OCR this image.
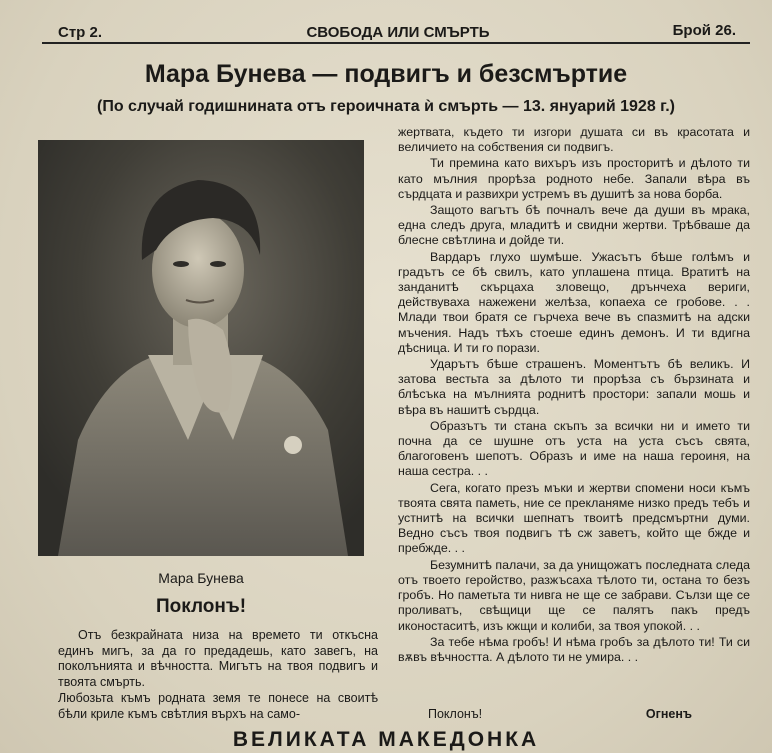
Стр 2.	СВОБОДА ИЛИ СМЪРТЬ	Брой 26.
Мара Бунева — подвигъ и безсмъртие
(По случай годишнината отъ героичната ѝ смърть — 13. януарий 1928 г.)
Мара Бунева
Поклонъ!

Отъ безкрайната низа на времето ти откъсна единъ мигъ, за да го предадешь, като завегъ, на поколънията и вѣчността. Мигътъ на твоя подвигъ и твоята смърть.

Любозьта къмъ родната земя те понесе на своитѣ бѣли криле къмъ свѣтлия върхъ на само-

жертвата, където ти изгори душата си въ красотата и величието на собствения си подвигъ.

Ти премина като вихъръ изъ просторитѣ и дѣлото ти като мълния прорѣза родното небе. Запали вѣра въ сърдцата и развихри устремъ въ душитѣ за нова борба.

Защото вагътъ бѣ почналъ вече да души въ мрака, една следъ друга, младитѣ и свидни жертви. Трѣбваше да блесне свѣтлина и дойде ти.

Вардаръ глухо шумѣше. Ужасътъ бѣше голѣмъ и градътъ се бѣ свилъ, като уплашена птица. Вратитѣ на занданитѣ скърцаха зловещо, дрънчеха вериги, действуваха нажежени желѣза, копаеха се гробове. . . Млади твои братя се гърчеха вече въ спазмитѣ на адски мъчения. Надъ тѣхъ стоеше единъ демонъ. И ти вдигна дѣсница. И ти го порази.

Ударътъ бѣше страшенъ. Моментътъ бѣ великъ. И затова вестьта за дѣлото ти прорѣза съ бързината и блѣсъка на мълнията роднитѣ простори: запали мошь и вѣра въ нашитѣ сърдца.

Образътъ ти стана скъпъ за всички ни и името ти почна да се шушне отъ уста на уста съсъ свята, благоговенъ шепотъ. Образъ и име на наша героиня, на наша сестра. . .

Сега, когато презъ мъки и жертви спомени носи къмъ твоята свята паметь, ние се прекланяме низко предъ тебъ и устнитѣ на всички шепнатъ твоитѣ предсмъртни думи. Ведно съсъ твоя подвигъ тѣ сж заветъ, който ще бжде и пребжде. . .

Безумнитѣ палачи, за да унищожатъ последната следа отъ твоето геройство, разжъсаха тѣлото ти, остана то безъ гробъ. Но паметьта ти нивга не ще се забрави. Сълзи ще се проливатъ, свѣщици ще се палятъ пакъ предъ иконостаситѣ, изъ кжщи и колиби, за твоя упокой. . .

За тебе нѣма гробъ! И нѣма гробъ за дѣлото ти! Ти си вѫвъ вѣчността. А дѣлото ти не умира. . .

Поклонъ!	Огненъ
ВЕЛИКАТА МАКЕДОНКА
